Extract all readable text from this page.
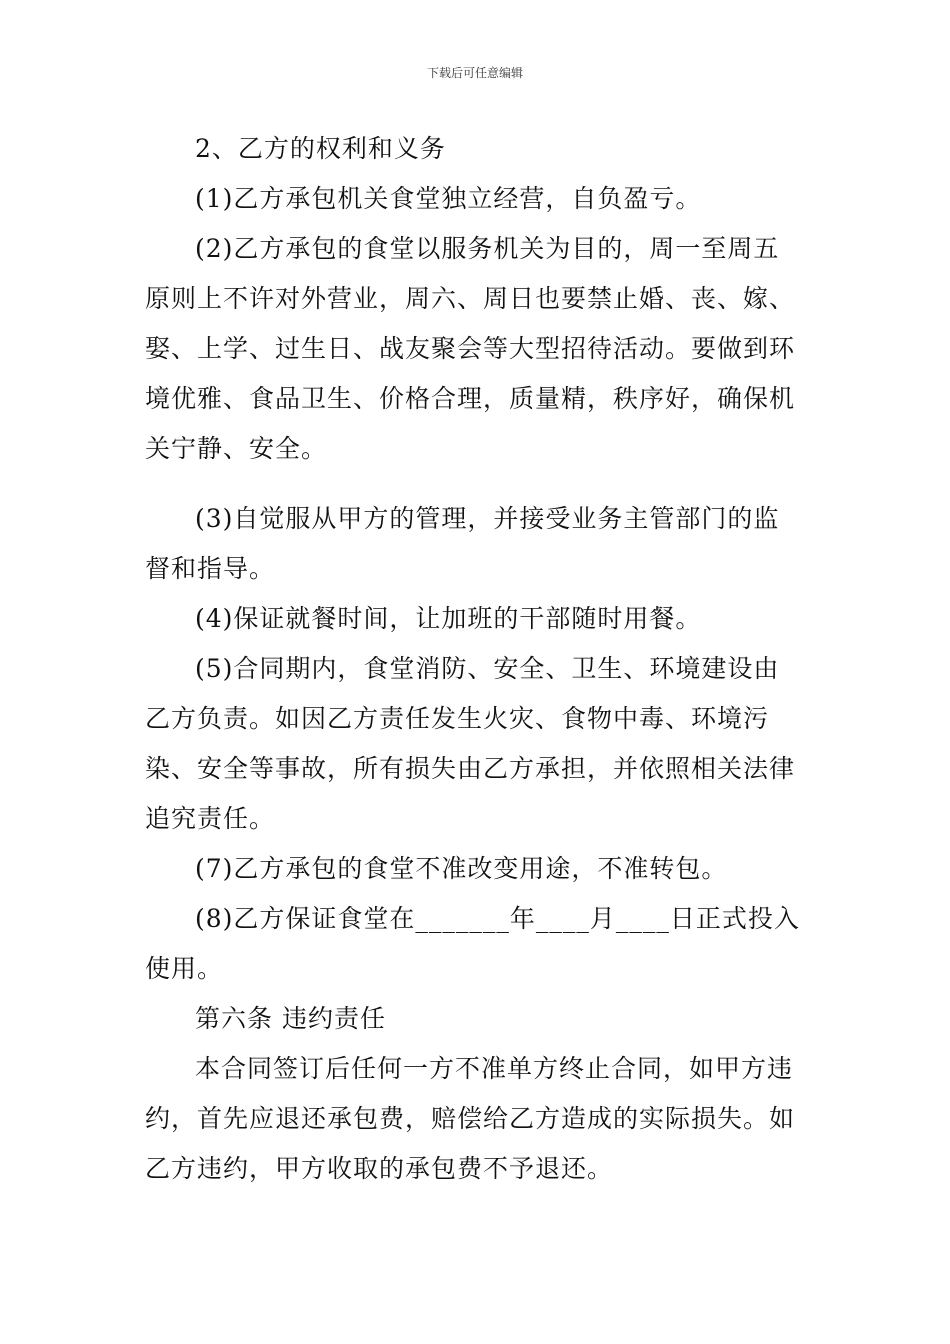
下载后可任意编辑

2、乙方的权利和义务

(1)乙方承包机关食堂独立经营，自负盈亏。

(2)乙方承包的食堂以服务机关为目的，周一至周五原则上不许对外营业，周六、周日也要禁止婚、丧、嫁、娶、上学、过生日、战友聚会等大型招待活动。要做到环境优雅、食品卫生、价格合理，质量精，秩序好，确保机关宁静、安全。

(3)自觉服从甲方的管理，并接受业务主管部门的监督和指导。

(4)保证就餐时间，让加班的干部随时用餐。

(5)合同期内，食堂消防、安全、卫生、环境建设由乙方负责。如因乙方责任发生火灾、食物中毒、环境污染、安全等事故，所有损失由乙方承担，并依照相关法律追究责任。

(7)乙方承包的食堂不准改变用途，不准转包。

(8)乙方保证食堂在_______年____月____日正式投入使用。

第六条 违约责任

本合同签订后任何一方不准单方终止合同，如甲方违约，首先应退还承包费，赔偿给乙方造成的实际损失。如乙方违约，甲方收取的承包费不予退还。
